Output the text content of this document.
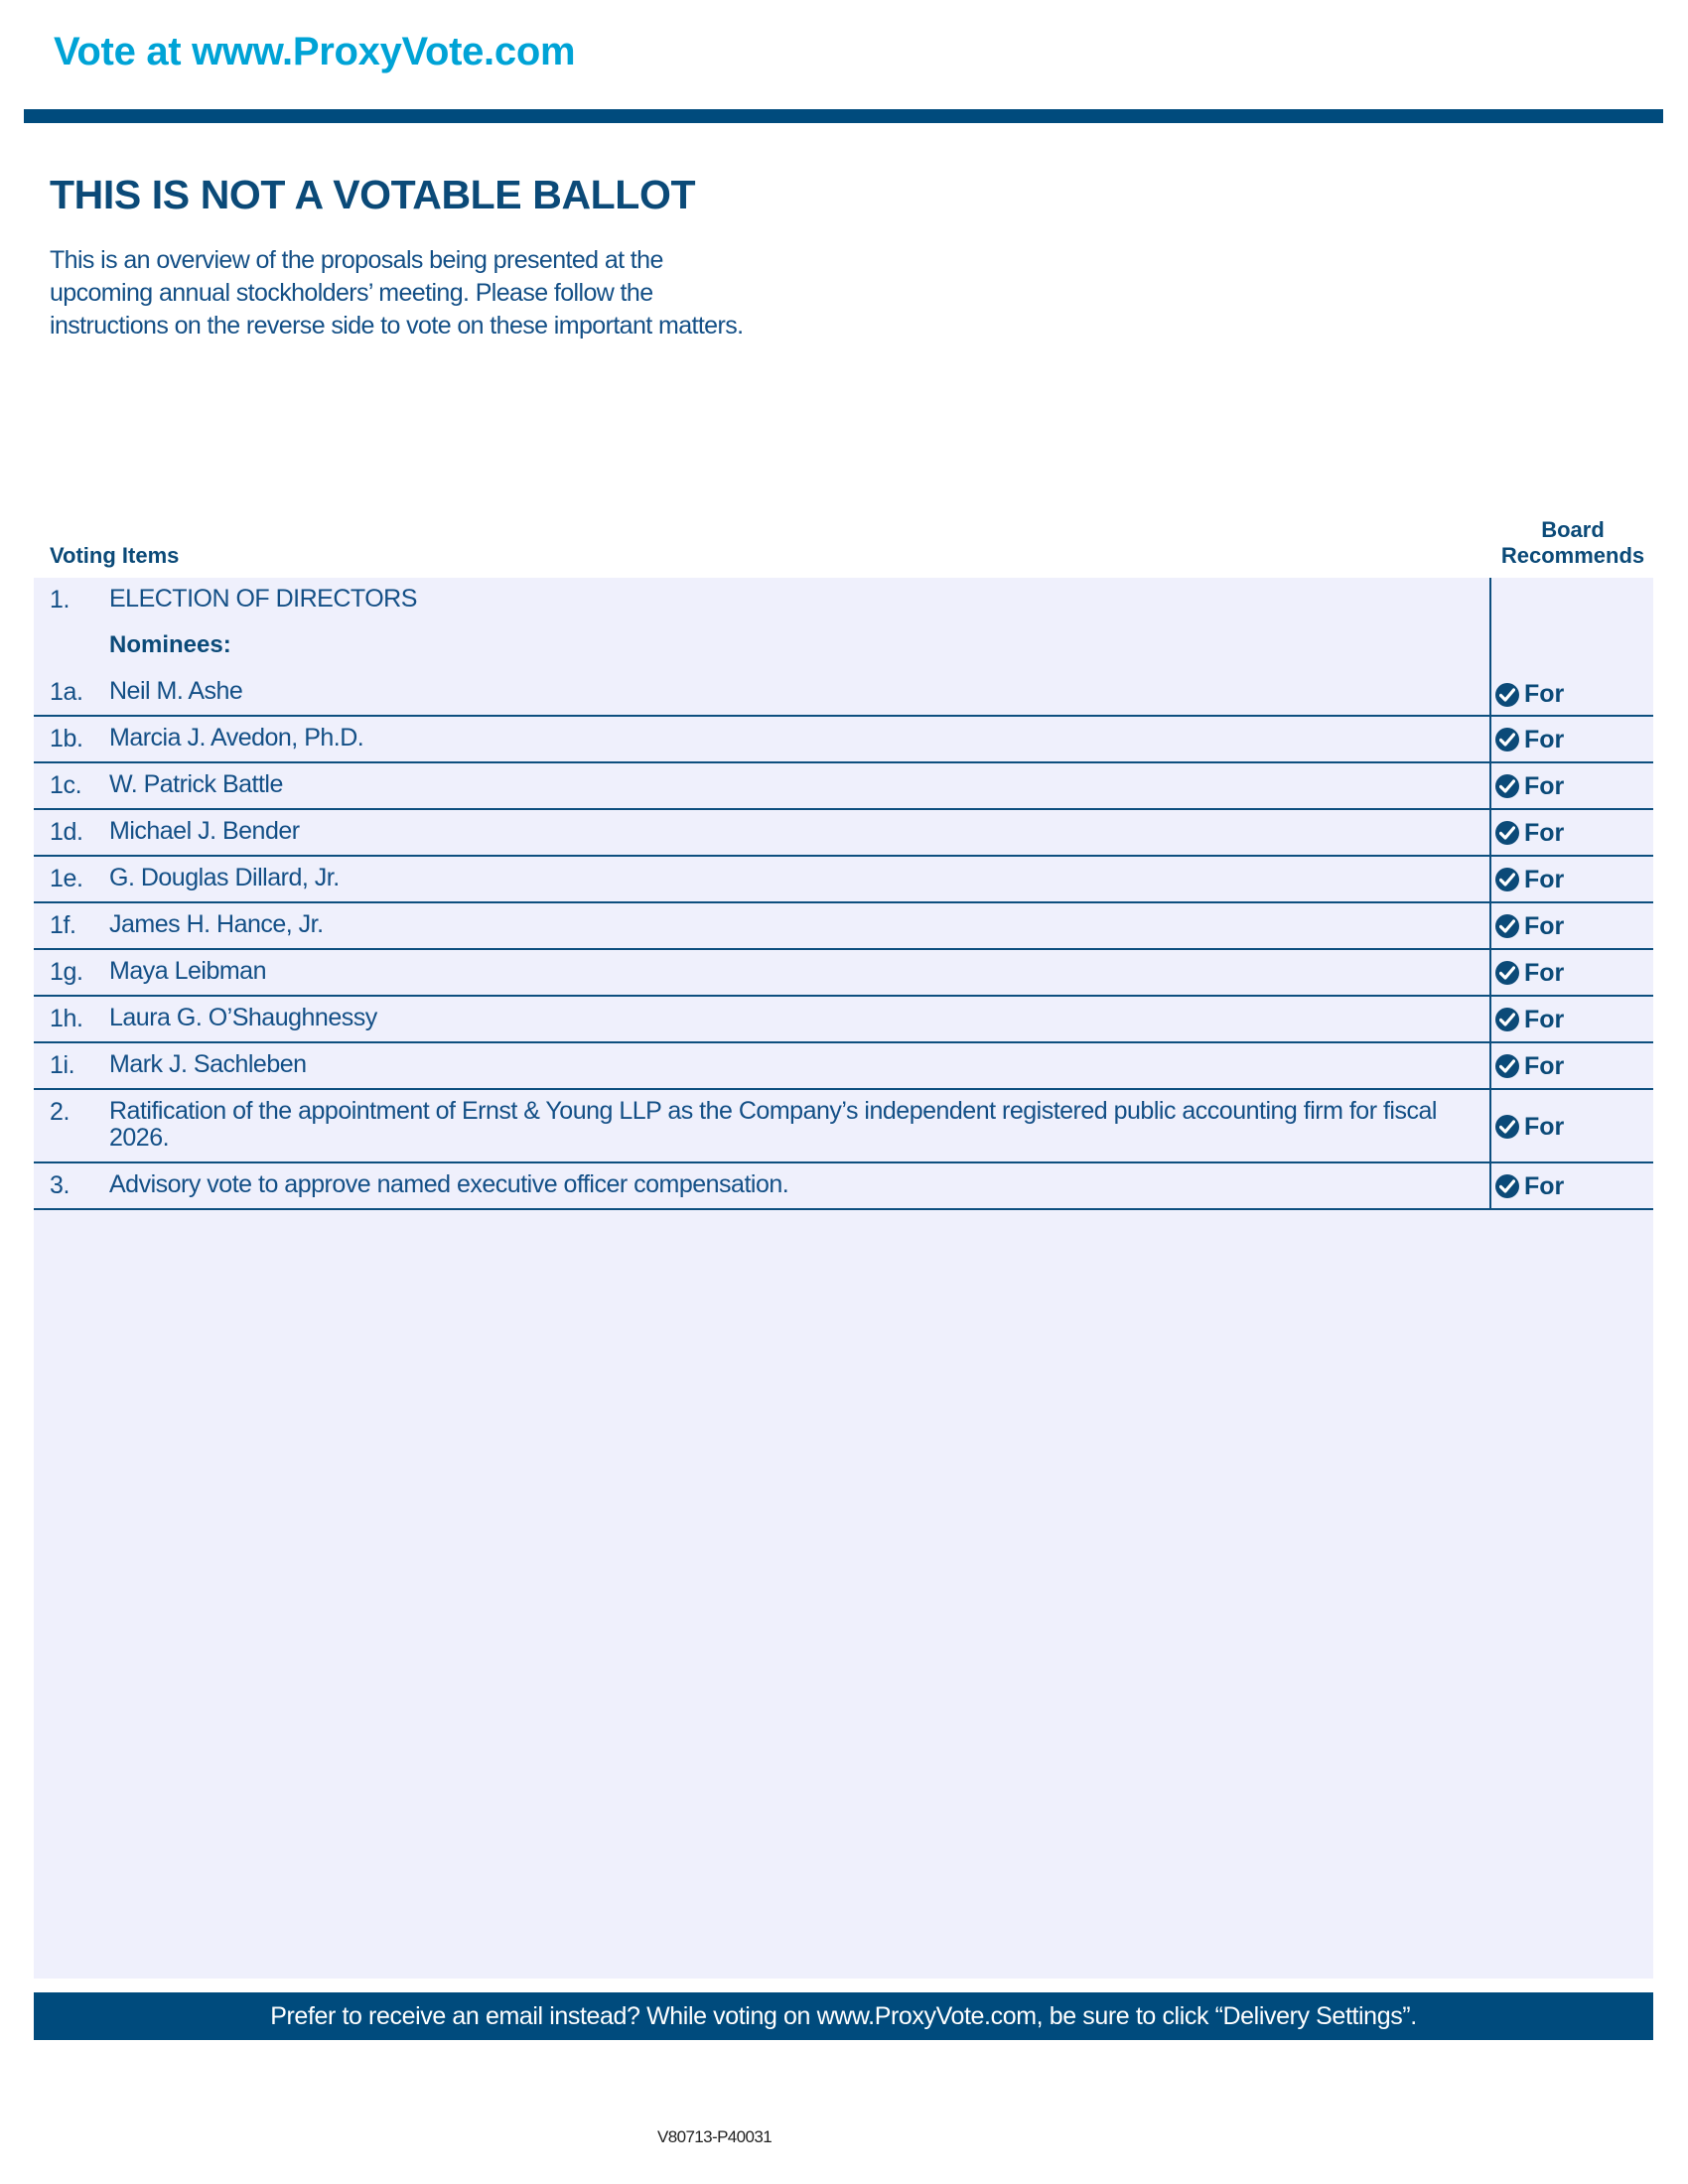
Vote at www.ProxyVote.com
THIS IS NOT A VOTABLE BALLOT
This is an overview of the proposals being presented at the upcoming annual stockholders’ meeting. Please follow the instructions on the reverse side to vote on these important matters.
Voting Items
Board
Recommends
1. ELECTION OF DIRECTORS
Nominees:
1a. Neil M. Ashe	For
1b. Marcia J. Avedon, Ph.D.	For
1c. W. Patrick Battle	For
1d. Michael J. Bender	For
1e. G. Douglas Dillard, Jr.	For
1f. James H. Hance, Jr.	For
1g. Maya Leibman	For
1h. Laura G. O’Shaughnessy	For
1i. Mark J. Sachleben	For
2. Ratification of the appointment of Ernst & Young LLP as the Company’s independent registered public accounting firm for fiscal 2026.	For
3. Advisory vote to approve named executive officer compensation.	For
Prefer to receive an email instead? While voting on www.ProxyVote.com, be sure to click “Delivery Settings”.
V80713-P40031
